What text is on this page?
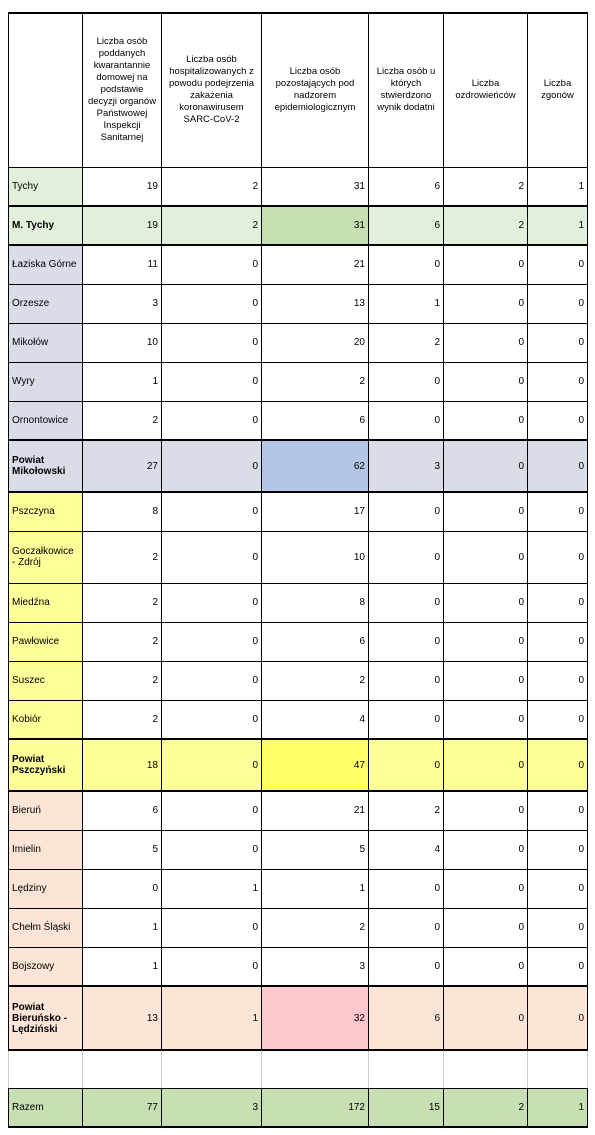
	Liczba osób poddanych kwarantannie domowej na podstawie decyzji organów Państwowej Inspekcji Sanitarnej	Liczba osób hospitalizowanych z powodu podejrzenia zakażenia koronawirusem SARC-CoV-2	Liczba osób pozostających pod nadzorem epidemiologicznym	Liczba osób u których stwierdzono wynik dodatni	Liczba ozdrowieńców	Liczba zgonów
Tychy	19	2	31	6	2	1
M. Tychy	19	2	31	6	2	1
Łaziska Górne	11	0	21	0	0	0
Orzesze	3	0	13	1	0	0
Mikołów	10	0	20	2	0	0
Wyry	1	0	2	0	0	0
Ornontowice	2	0	6	0	0	0
Powiat Mikołowski	27	0	62	3	0	0
Pszczyna	8	0	17	0	0	0
Goczałkowice - Zdrój	2	0	10	0	0	0
Miedźna	2	0	8	0	0	0
Pawłowice	2	0	6	0	0	0
Suszec	2	0	2	0	0	0
Kobiór	2	0	4	0	0	0
Powiat Pszczyński	18	0	47	0	0	0
Bieruń	6	0	21	2	0	0
Imielin	5	0	5	4	0	0
Lędziny	0	1	1	0	0	0
Chełm Śląski	1	0	2	0	0	0
Bojszowy	1	0	3	0	0	0
Powiat Bieruńsko - Lędziński	13	1	32	6	0	0

Razem	77	3	172	15	2	1
